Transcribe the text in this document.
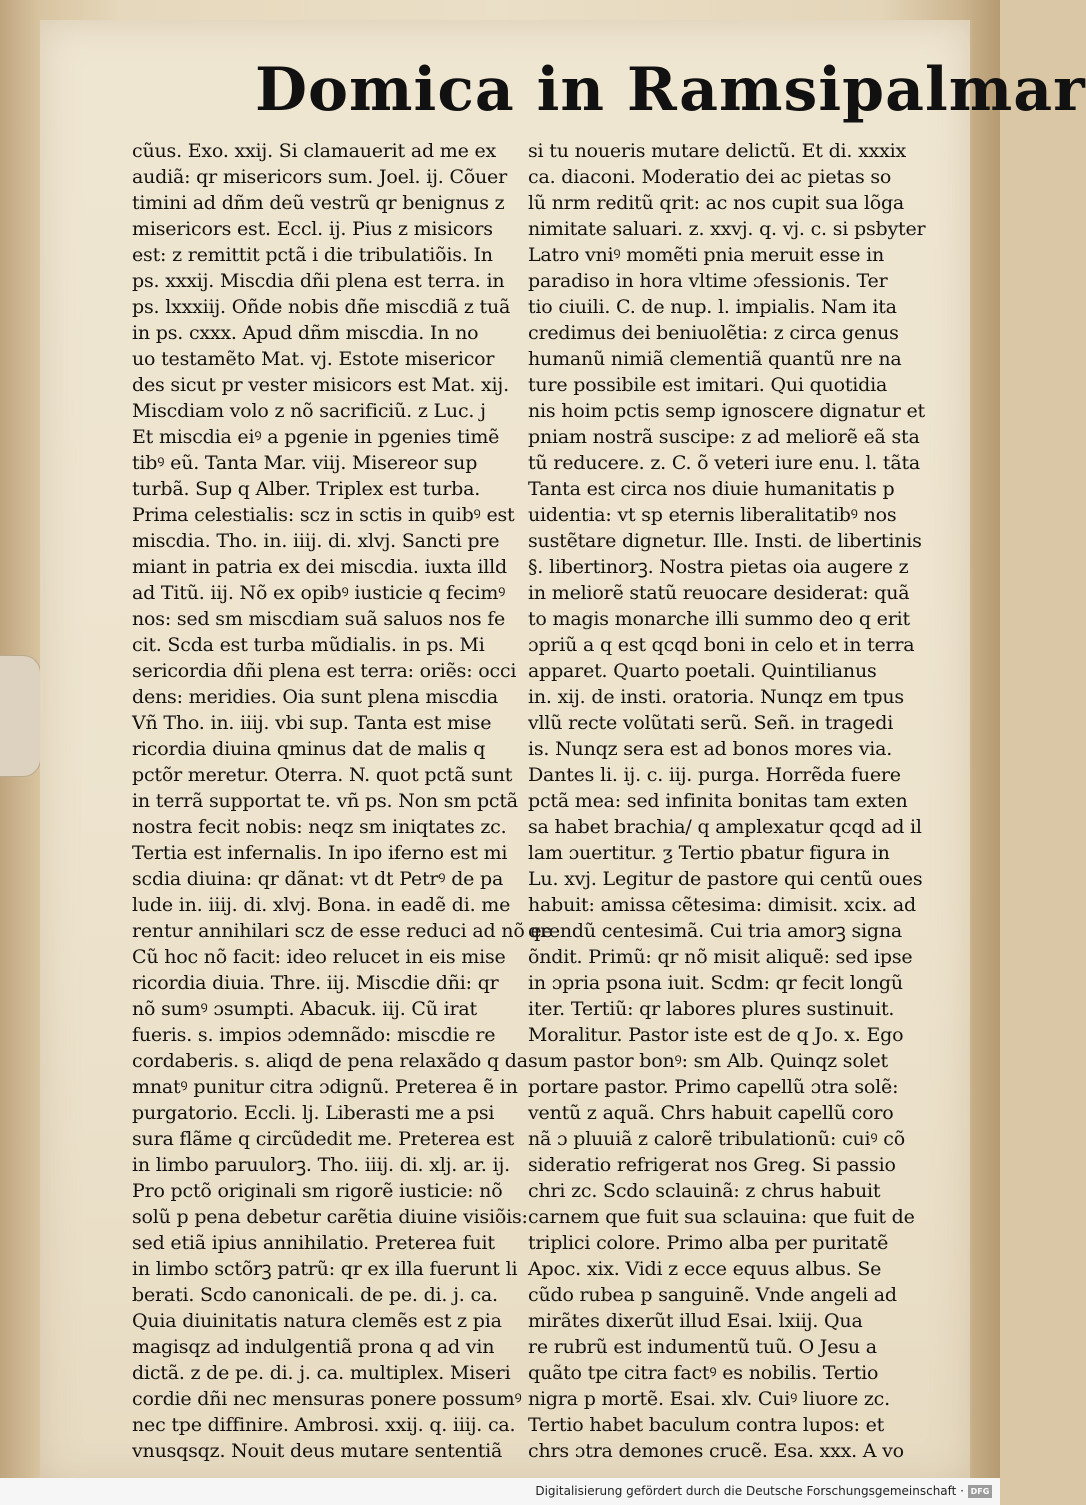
Domica in Ramsipalmar
cũus. Exo. xxij. Si clamauerit ad me ex
audiã: qr misericors sum. Joel. ij. Cõuer
timini ad dñm deũ vestrũ qr benignus z
misericors est. Eccl. ij. Pius z misicors
est: z remittit pctã i die tribulatiõis. In
ps. xxxij. Miscdia dñi plena est terra. in
ps. lxxxiij. Oñde nobis dñe miscdiã z tuã
in ps. cxxx. Apud dñm miscdia. In no
uo testamẽto Mat. vj. Estote misericor
des sicut pr vester misicors est Mat. xij.
Miscdiam volo z nõ sacrificiũ. z Luc. j
Et miscdia eiꝰ a pgenie in pgenies timẽ
tibꝰ eũ. Tanta Mar. viij. Misereor sup
turbã. Sup q Alber. Triplex est turba.
Prima celestialis: scz in sctis in quibꝰ est
miscdia. Tho. in. iiij. di. xlvj. Sancti pre
miant in patria ex dei miscdia. iuxta illd
ad Titũ. iij. Nõ ex opibꝰ iusticie q fecimꝰ
nos: sed sm miscdiam suã saluos nos fe
cit. Scda est turba mũdialis. in ps. Mi
sericordia dñi plena est terra: oriẽs: occi
dens: meridies. Oia sunt plena miscdia
Vñ Tho. in. iiij. vbi sup. Tanta est mise
ricordia diuina qminus dat de malis q
pctõr meretur. Oterra. N. quot pctã sunt
in terrã supportat te. vñ ps. Non sm pctã
nostra fecit nobis: neqz sm iniqtates zc.
Tertia est infernalis. In ipo iferno est mi
scdia diuina: qr dãnat: vt dt Petrꝰ de pa
lude in. iiij. di. xlvj. Bona. in eadẽ di. me
rentur annihilari scz de esse reduci ad nõ ee
Cũ hoc nõ facit: ideo relucet in eis mise
ricordia diuia. Thre. iij. Miscdie dñi: qr
nõ sumꝰ ɔsumpti. Abacuk. iij. Cũ irat
fueris. s. impios ɔdemnãdo: miscdie re
cordaberis. s. aliqd de pena relaxãdo q da
mnatꝰ punitur citra ɔdignũ. Preterea ẽ in
purgatorio. Eccli. lj. Liberasti me a psi
sura flãme q circũdedit me. Preterea est
in limbo paruulorꝫ. Tho. iiij. di. xlj. ar. ij.
Pro pctõ originali sm rigorẽ iusticie: nõ
solũ p pena debetur carẽtia diuine visiõis:
sed etiã ipius annihilatio. Preterea fuit
in limbo sctõrꝫ patrũ: qr ex illa fuerunt li
berati. Scdo canonicali. de pe. di. j. ca.
Quia diuinitatis natura clemẽs est z pia
magisqz ad indulgentiã prona q ad vin
dictã. z de pe. di. j. ca. multiplex. Miseri
cordie dñi nec mensuras ponere possumꝰ
nec tpe diffinire. Ambrosi. xxij. q. iiij. ca.
vnusqsqz. Nouit deus mutare sententiã
si tu noueris mutare delictũ. Et di. xxxix
ca. diaconi. Moderatio dei ac pietas so
lũ nrm reditũ qrit: ac nos cupit sua lõga
nimitate saluari. z. xxvj. q. vj. c. si psbyter
Latro vniꝰ momẽti pnia meruit esse in
paradiso in hora vltime ɔfessionis. Ter
tio ciuili. C. de nup. l. impialis. Nam ita
credimus dei beniuolẽtia: z circa genus
humanũ nimiã clementiã quantũ nre na
ture possibile est imitari. Qui quotidia
nis hoim pctis semp ignoscere dignatur et
pniam nostrã suscipe: z ad meliorẽ eã sta
tũ reducere. z. C. õ veteri iure enu. l. tãta
Tanta est circa nos diuie humanitatis p
uidentia: vt sp eternis liberalitatibꝰ nos
sustẽtare dignetur. Ille. Insti. de libertinis
§. libertinorꝫ. Nostra pietas oia augere z
in meliorẽ statũ reuocare desiderat: quã
to magis monarche illi summo deo q erit
ɔpriũ a q est qcqd boni in celo et in terra
apparet. Quarto poetali. Quintilianus
in. xij. de insti. oratoria. Nunqz em tpus
vllũ recte volũtati serũ. Señ. in tragedi
is. Nunqz sera est ad bonos mores via.
Dantes li. ij. c. iij. purga. Horrẽda fuere
pctã mea: sed infinita bonitas tam exten
sa habet brachia/ q amplexatur qcqd ad il
lam ɔuertitur. ƺ Tertio pbatur figura in
Lu. xvj. Legitur de pastore qui centũ oues
habuit: amissa cẽtesima: dimisit. xcix. ad
qrendũ centesimã. Cui tria amorꝫ signa
õndit. Primũ: qr nõ misit aliquẽ: sed ipse
in ɔpria psona iuit. Scdm: qr fecit longũ
iter. Tertiũ: qr labores plures sustinuit.
Moralitur. Pastor iste est de q Jo. x. Ego
sum pastor bonꝰ: sm Alb. Quinqz solet
portare pastor. Primo capellũ ɔtra solẽ:
ventũ z aquã. Chrs habuit capellũ coro
nã ɔ pluuiã z calorẽ tribulationũ: cuiꝰ cõ
sideratio refrigerat nos Greg. Si passio
chri zc. Scdo sclauinã: z chrus habuit
carnem que fuit sua sclauina: que fuit de
triplici colore. Primo alba per puritatẽ
Apoc. xix. Vidi z ecce equus albus. Se
cũdo rubea p sanguinẽ. Vnde angeli ad
mirãtes dixerũt illud Esai. lxiij. Qua
re rubrũ est indumentũ tuũ. O Jesu a
quãto tpe citra factꝰ es nobilis. Tertio
nigra p mortẽ. Esai. xlv. Cuiꝰ liuore zc.
Tertio habet baculum contra lupos: et
chrs ɔtra demones crucẽ. Esa. xxx. A vo
Digitalisierung gefördert durch die Deutsche Forschungsgemeinschaft · DFG
